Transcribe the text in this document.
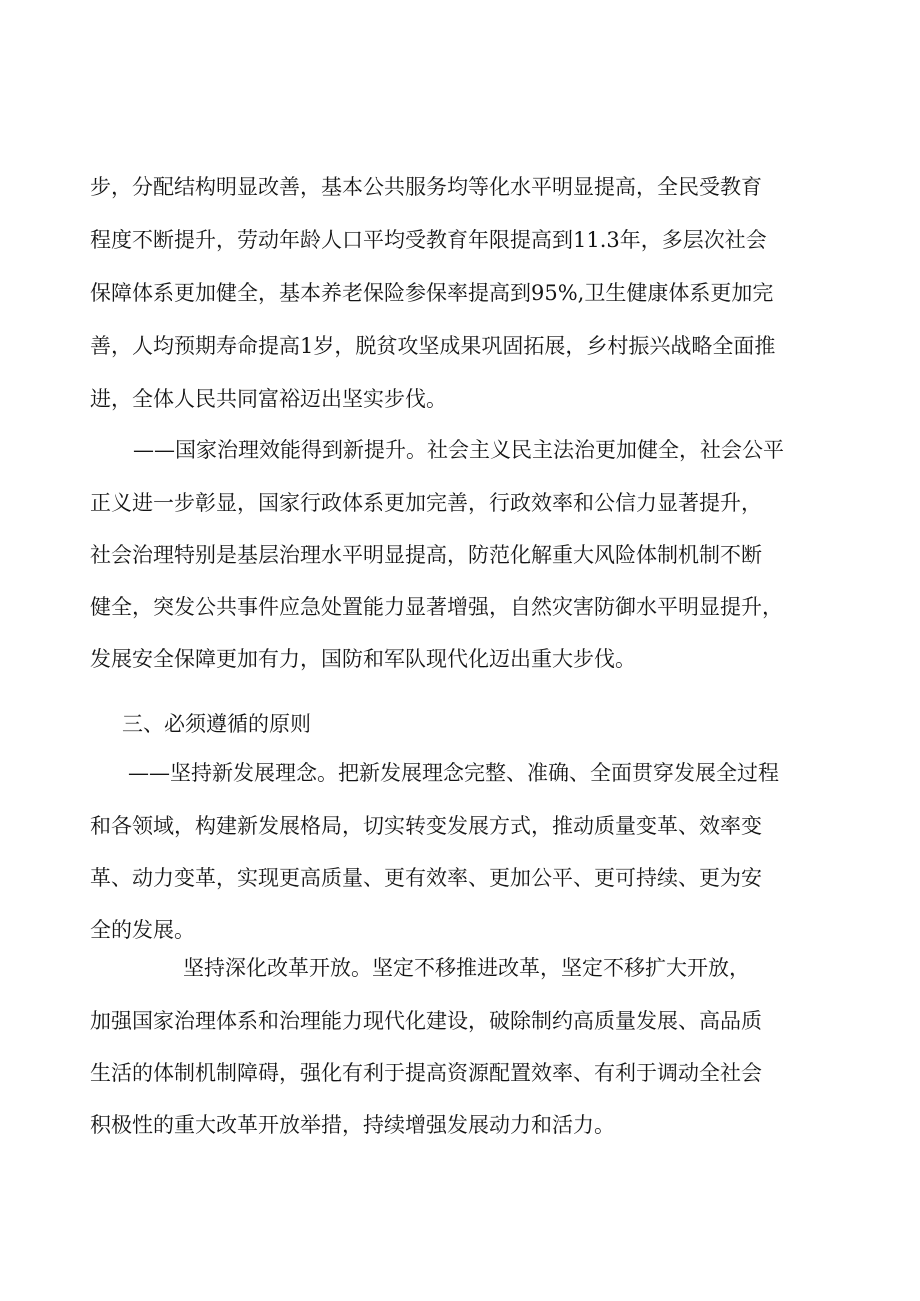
步，分配结构明显改善，基本公共服务均等化水平明显提高，全民受教育
程度不断提升，劳动年龄人口平均受教育年限提高到11.3年，多层次社会
保障体系更加健全，基本养老保险参保率提高到95%,卫生健康体系更加完
善，人均预期寿命提高1岁，脱贫攻坚成果巩固拓展，乡村振兴战略全面推
进，全体人民共同富裕迈出坚实步伐。
——国家治理效能得到新提升。社会主义民主法治更加健全，社会公平
正义进一步彰显，国家行政体系更加完善，行政效率和公信力显著提升，
社会治理特别是基层治理水平明显提高，防范化解重大风险体制机制不断
健全，突发公共事件应急处置能力显著增强，自然灾害防御水平明显提升，
发展安全保障更加有力，国防和军队现代化迈出重大步伐。
三、必须遵循的原则
——坚持新发展理念。把新发展理念完整、准确、全面贯穿发展全过程
和各领域，构建新发展格局，切实转变发展方式，推动质量变革、效率变
革、动力变革，实现更高质量、更有效率、更加公平、更可持续、更为安
全的发展。
坚持深化改革开放。坚定不移推进改革，坚定不移扩大开放，
加强国家治理体系和治理能力现代化建设，破除制约高质量发展、高品质
生活的体制机制障碍，强化有利于提高资源配置效率、有利于调动全社会
积极性的重大改革开放举措，持续增强发展动力和活力。
